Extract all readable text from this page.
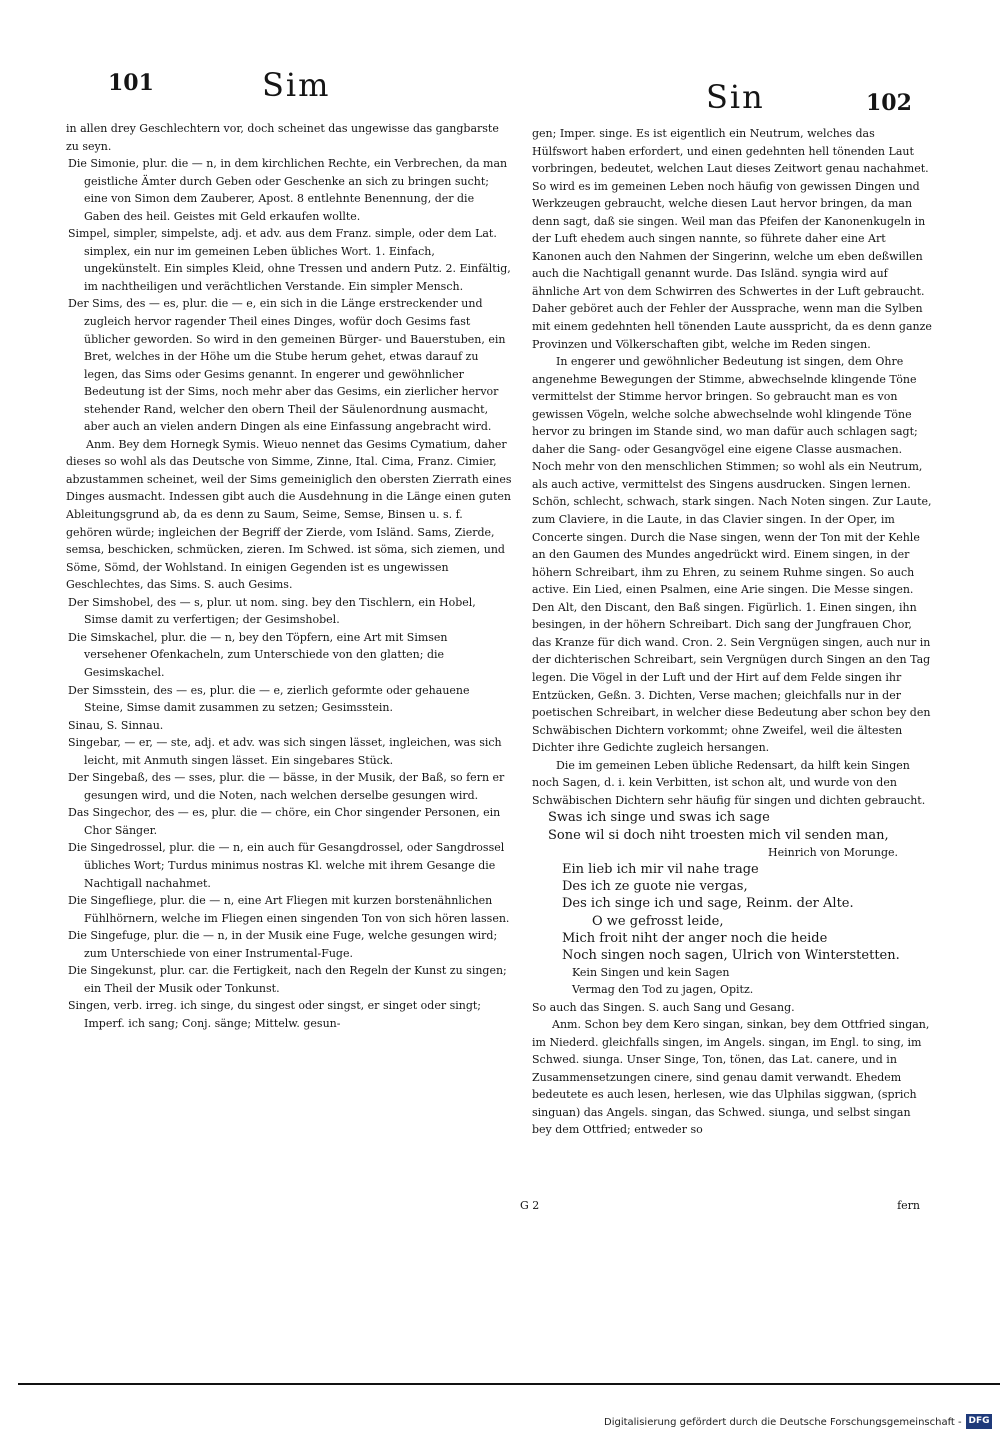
101	Sim	Sin	102

in allen drey Geschlechtern vor, doch scheinet das ungewisse das gangbarste zu seyn.

Die Simonie, plur. die — n, in dem kirchlichen Rechte, ein Verbrechen, da man geistliche Ämter durch Geben oder Geschenke an sich zu bringen sucht; eine von Simon dem Zauberer, Apost. 8 entlehnte Benennung, der die Gaben des heil. Geistes mit Geld erkaufen wollte.

Simpel, simpler, simpelste, adj. et adv. aus dem Franz. simple, oder dem Lat. simplex, ein nur im gemeinen Leben übliches Wort. 1. Einfach, ungekünstelt. Ein simples Kleid, ohne Tressen und andern Putz. 2. Einfältig, im nachtheiligen und verächtlichen Verstande. Ein simpler Mensch.

Der Sims, des — es, plur. die — e, ein sich in die Länge erstreckender und zugleich hervor ragender Theil eines Dinges, wofür doch Gesims fast üblicher geworden. So wird in den gemeinen Bürger- und Bauerstuben, ein Bret, welches in der Höhe um die Stube herum gehet, etwas darauf zu legen, das Sims oder Gesims genannt. In engerer und gewöhnlicher Bedeutung ist der Sims, noch mehr aber das Gesims, ein zierlicher hervor stehender Rand, welcher den obern Theil der Säulenordnung ausmacht, aber auch an vielen andern Dingen als eine Einfassung angebracht wird.

Anm. Bey dem Hornegk Symis. Wieuo nennet das Gesims Cymatium, daher dieses so wohl als das Deutsche von Simme, Zinne, Ital. Cima, Franz. Cimier, abzustammen scheinet, weil der Sims gemeiniglich den obersten Zierrath eines Dinges ausmacht. Indessen gibt auch die Ausdehnung in die Länge einen guten Ableitungsgrund ab, da es denn zu Saum, Seime, Semse, Binsen u. s. f. gehören würde; ingleichen der Begriff der Zierde, vom Isländ. Sams, Zierde, semsa, beschicken, schmücken, zieren. Im Schwed. ist söma, sich ziemen, und Söme, Sömd, der Wohlstand. In einigen Gegenden ist es ungewissen Geschlechtes, das Sims. S. auch Gesims.

Der Simshobel, des — s, plur. ut nom. sing. bey den Tischlern, ein Hobel, Simse damit zu verfertigen; der Gesimshobel.

Die Simskachel, plur. die — n, bey den Töpfern, eine Art mit Simsen versehener Ofenkacheln, zum Unterschiede von den glatten; die Gesimskachel.

Der Simsstein, des — es, plur. die — e, zierlich geformte oder gehauene Steine, Simse damit zusammen zu setzen; Gesimsstein.

Sinau, S. Sinnau.

Singebar, — er, — ste, adj. et adv. was sich singen lässet, ingleichen, was sich leicht, mit Anmuth singen lässet. Ein singebares Stück.

Der Singebaß, des — sses, plur. die — bässe, in der Musik, der Baß, so fern er gesungen wird, und die Noten, nach welchen derselbe gesungen wird.

Das Singechor, des — es, plur. die — chöre, ein Chor singender Personen, ein Chor Sänger.

Die Singedrossel, plur. die — n, ein auch für Gesangdrossel, oder Sangdrossel übliches Wort; Turdus minimus nostras Kl. welche mit ihrem Gesange die Nachtigall nachahmet.

Die Singefliege, plur. die — n, eine Art Fliegen mit kurzen borstenähnlichen Fühlhörnern, welche im Fliegen einen singenden Ton von sich hören lassen.

Die Singefuge, plur. die — n, in der Musik eine Fuge, welche gesungen wird; zum Unterschiede von einer Instrumental-Fuge.

Die Singekunst, plur. car. die Fertigkeit, nach den Regeln der Kunst zu singen; ein Theil der Musik oder Tonkunst.

Singen, verb. irreg. ich singe, du singest oder singst, er singet oder singt; Imperf. ich sang; Conj. sänge; Mittelw. gesun-

gen; Imper. singe. Es ist eigentlich ein Neutrum, welches das Hülfswort haben erfordert, und einen gedehnten hell tönenden Laut vorbringen, bedeutet, welchen Laut dieses Zeitwort genau nachahmet. So wird es im gemeinen Leben noch häufig von gewissen Dingen und Werkzeugen gebraucht, welche diesen Laut hervor bringen, da man denn sagt, daß sie singen. Weil man das Pfeifen der Kanonenkugeln in der Luft ehedem auch singen nannte, so führete daher eine Art Kanonen auch den Nahmen der Singerinn, welche um eben deßwillen auch die Nachtigall genannt wurde. Das Isländ. syngia wird auf ähnliche Art von dem Schwirren des Schwertes in der Luft gebraucht. Daher geböret auch der Fehler der Aussprache, wenn man die Sylben mit einem gedehnten hell tönenden Laute ausspricht, da es denn ganze Provinzen und Völkerschaften gibt, welche im Reden singen.

In engerer und gewöhnlicher Bedeutung ist singen, dem Ohre angenehme Bewegungen der Stimme, abwechselnde klingende Töne vermittelst der Stimme hervor bringen. So gebraucht man es von gewissen Vögeln, welche solche abwechselnde wohl klingende Töne hervor zu bringen im Stande sind, wo man dafür auch schlagen sagt; daher die Sang- oder Gesangvögel eine eigene Classe ausmachen. Noch mehr von den menschlichen Stimmen; so wohl als ein Neutrum, als auch active, vermittelst des Singens ausdrucken. Singen lernen. Schön, schlecht, schwach, stark singen. Nach Noten singen. Zur Laute, zum Claviere, in die Laute, in das Clavier singen. In der Oper, im Concerte singen. Durch die Nase singen, wenn der Ton mit der Kehle an den Gaumen des Mundes angedrückt wird. Einem singen, in der höhern Schreibart, ihm zu Ehren, zu seinem Ruhme singen. So auch active. Ein Lied, einen Psalmen, eine Arie singen. Die Messe singen. Den Alt, den Discant, den Baß singen. Figürlich. 1. Einen singen, ihn besingen, in der höhern Schreibart. Dich sang der Jungfrauen Chor, das Kranze für dich wand. Cron. 2. Sein Vergnügen singen, auch nur in der dichterischen Schreibart, sein Vergnügen durch Singen an den Tag legen. Die Vögel in der Luft und der Hirt auf dem Felde singen ihr Entzücken, Geßn. 3. Dichten, Verse machen; gleichfalls nur in der poetischen Schreibart, in welcher diese Bedeutung aber schon bey den Schwäbischen Dichtern vorkommt; ohne Zweifel, weil die ältesten Dichter ihre Gedichte zugleich hersangen.

Die im gemeinen Leben übliche Redensart, da hilft kein Singen noch Sagen, d. i. kein Verbitten, ist schon alt, und wurde von den Schwäbischen Dichtern sehr häufig für singen und dichten gebraucht.

Swas ich singe und swas ich sage

Sone wil si doch niht troesten mich vil senden man,

Heinrich von Morunge.

Ein lieb ich mir vil nahe trage

Des ich ze guote nie vergas,

Des ich singe ich und sage, Reinm. der Alte.

O we gefrosst leide,

Mich froit niht der anger noch die heide

Noch singen noch sagen, Ulrich von Winterstetten.

Kein Singen und kein Sagen

Vermag den Tod zu jagen, Opitz.

So auch das Singen. S. auch Sang und Gesang.

Anm. Schon bey dem Kero singan, sinkan, bey dem Ottfried singan, im Niederd. gleichfalls singen, im Angels. singan, im Engl. to sing, im Schwed. siunga. Unser Singe, Ton, tönen, das Lat. canere, und in Zusammensetzungen cinere, sind genau damit verwandt. Ehedem bedeutete es auch lesen, herlesen, wie das Ulphilas siggwan, (sprich singuan) das Angels. singan, das Schwed. siunga, und selbst singan bey dem Ottfried; entweder so

G 2	fern
Digitalisierung gefördert durch die Deutsche Forschungsgemeinschaft - DFG
